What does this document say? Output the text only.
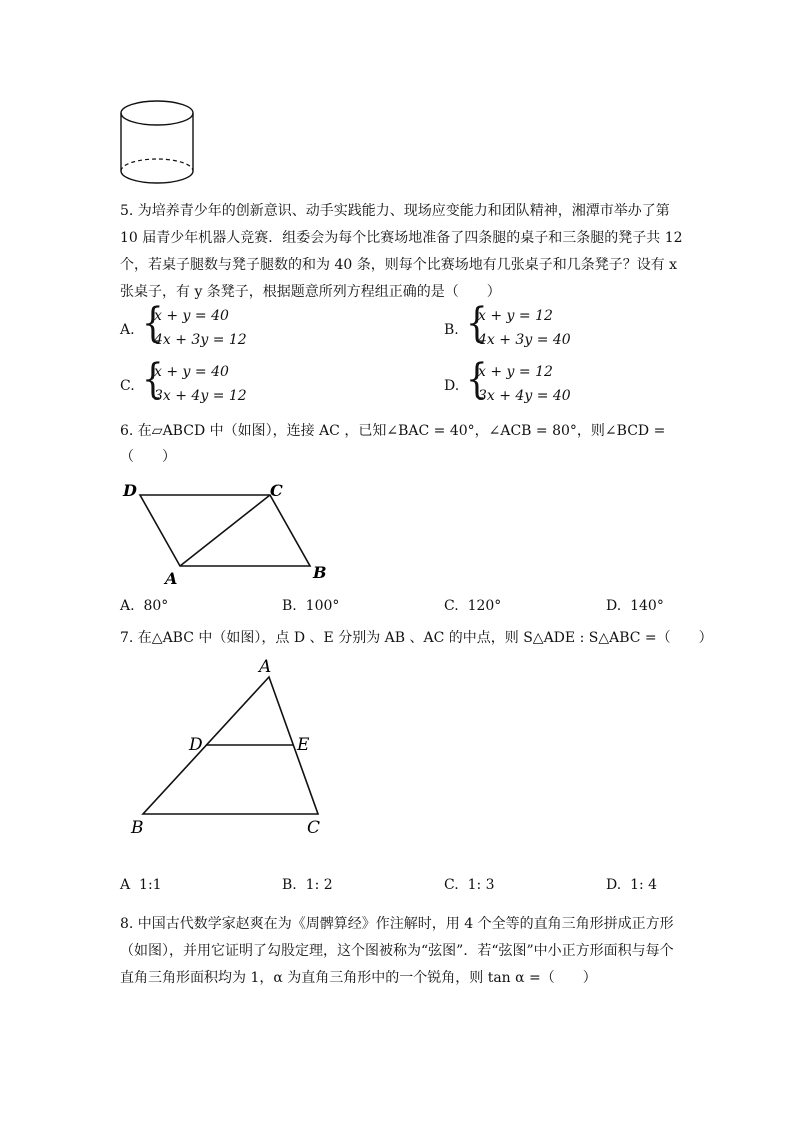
5. 为培养青少年的创新意识、动手实践能力、现场应变能力和团队精神，湘潭市举办了第
10 届青少年机器人竞赛．组委会为每个比赛场地准备了四条腿的桌子和三条腿的凳子共 12
个，若桌子腿数与凳子腿数的和为 40 条，则每个比赛场地有几张桌子和几条凳子？设有 x
张桌子，有 y 条凳子，根据题意所列方程组正确的是（　　）
A. {
x + y = 40
4x + 3y = 12
B. {
x + y = 12
4x + 3y = 40
C. {
x + y = 40
3x + 4y = 12
D. {
x + y = 12
3x + 4y = 40
6. 在▱ABCD 中（如图），连接 AC ，已知∠BAC = 40°，∠ACB = 80°，则∠BCD =
（　　）
D	C
A	B
A. 80°	B. 100°	C. 120°	D. 140°
7. 在△ABC 中（如图），点 D 、E 分别为 AB 、AC 的中点，则 S△ADE : S△ABC =（　　）
A
D	E
B	C
A 1:1	B. 1: 2	C. 1: 3	D. 1: 4
8. 中国古代数学家赵爽在为《周髀算经》作注解时，用 4 个全等的直角三角形拼成正方形
（如图），并用它证明了勾股定理，这个图被称为“弦图”．若“弦图”中小正方形面积与每个
直角三角形面积均为 1，α 为直角三角形中的一个锐角，则 tan α =（　　）
